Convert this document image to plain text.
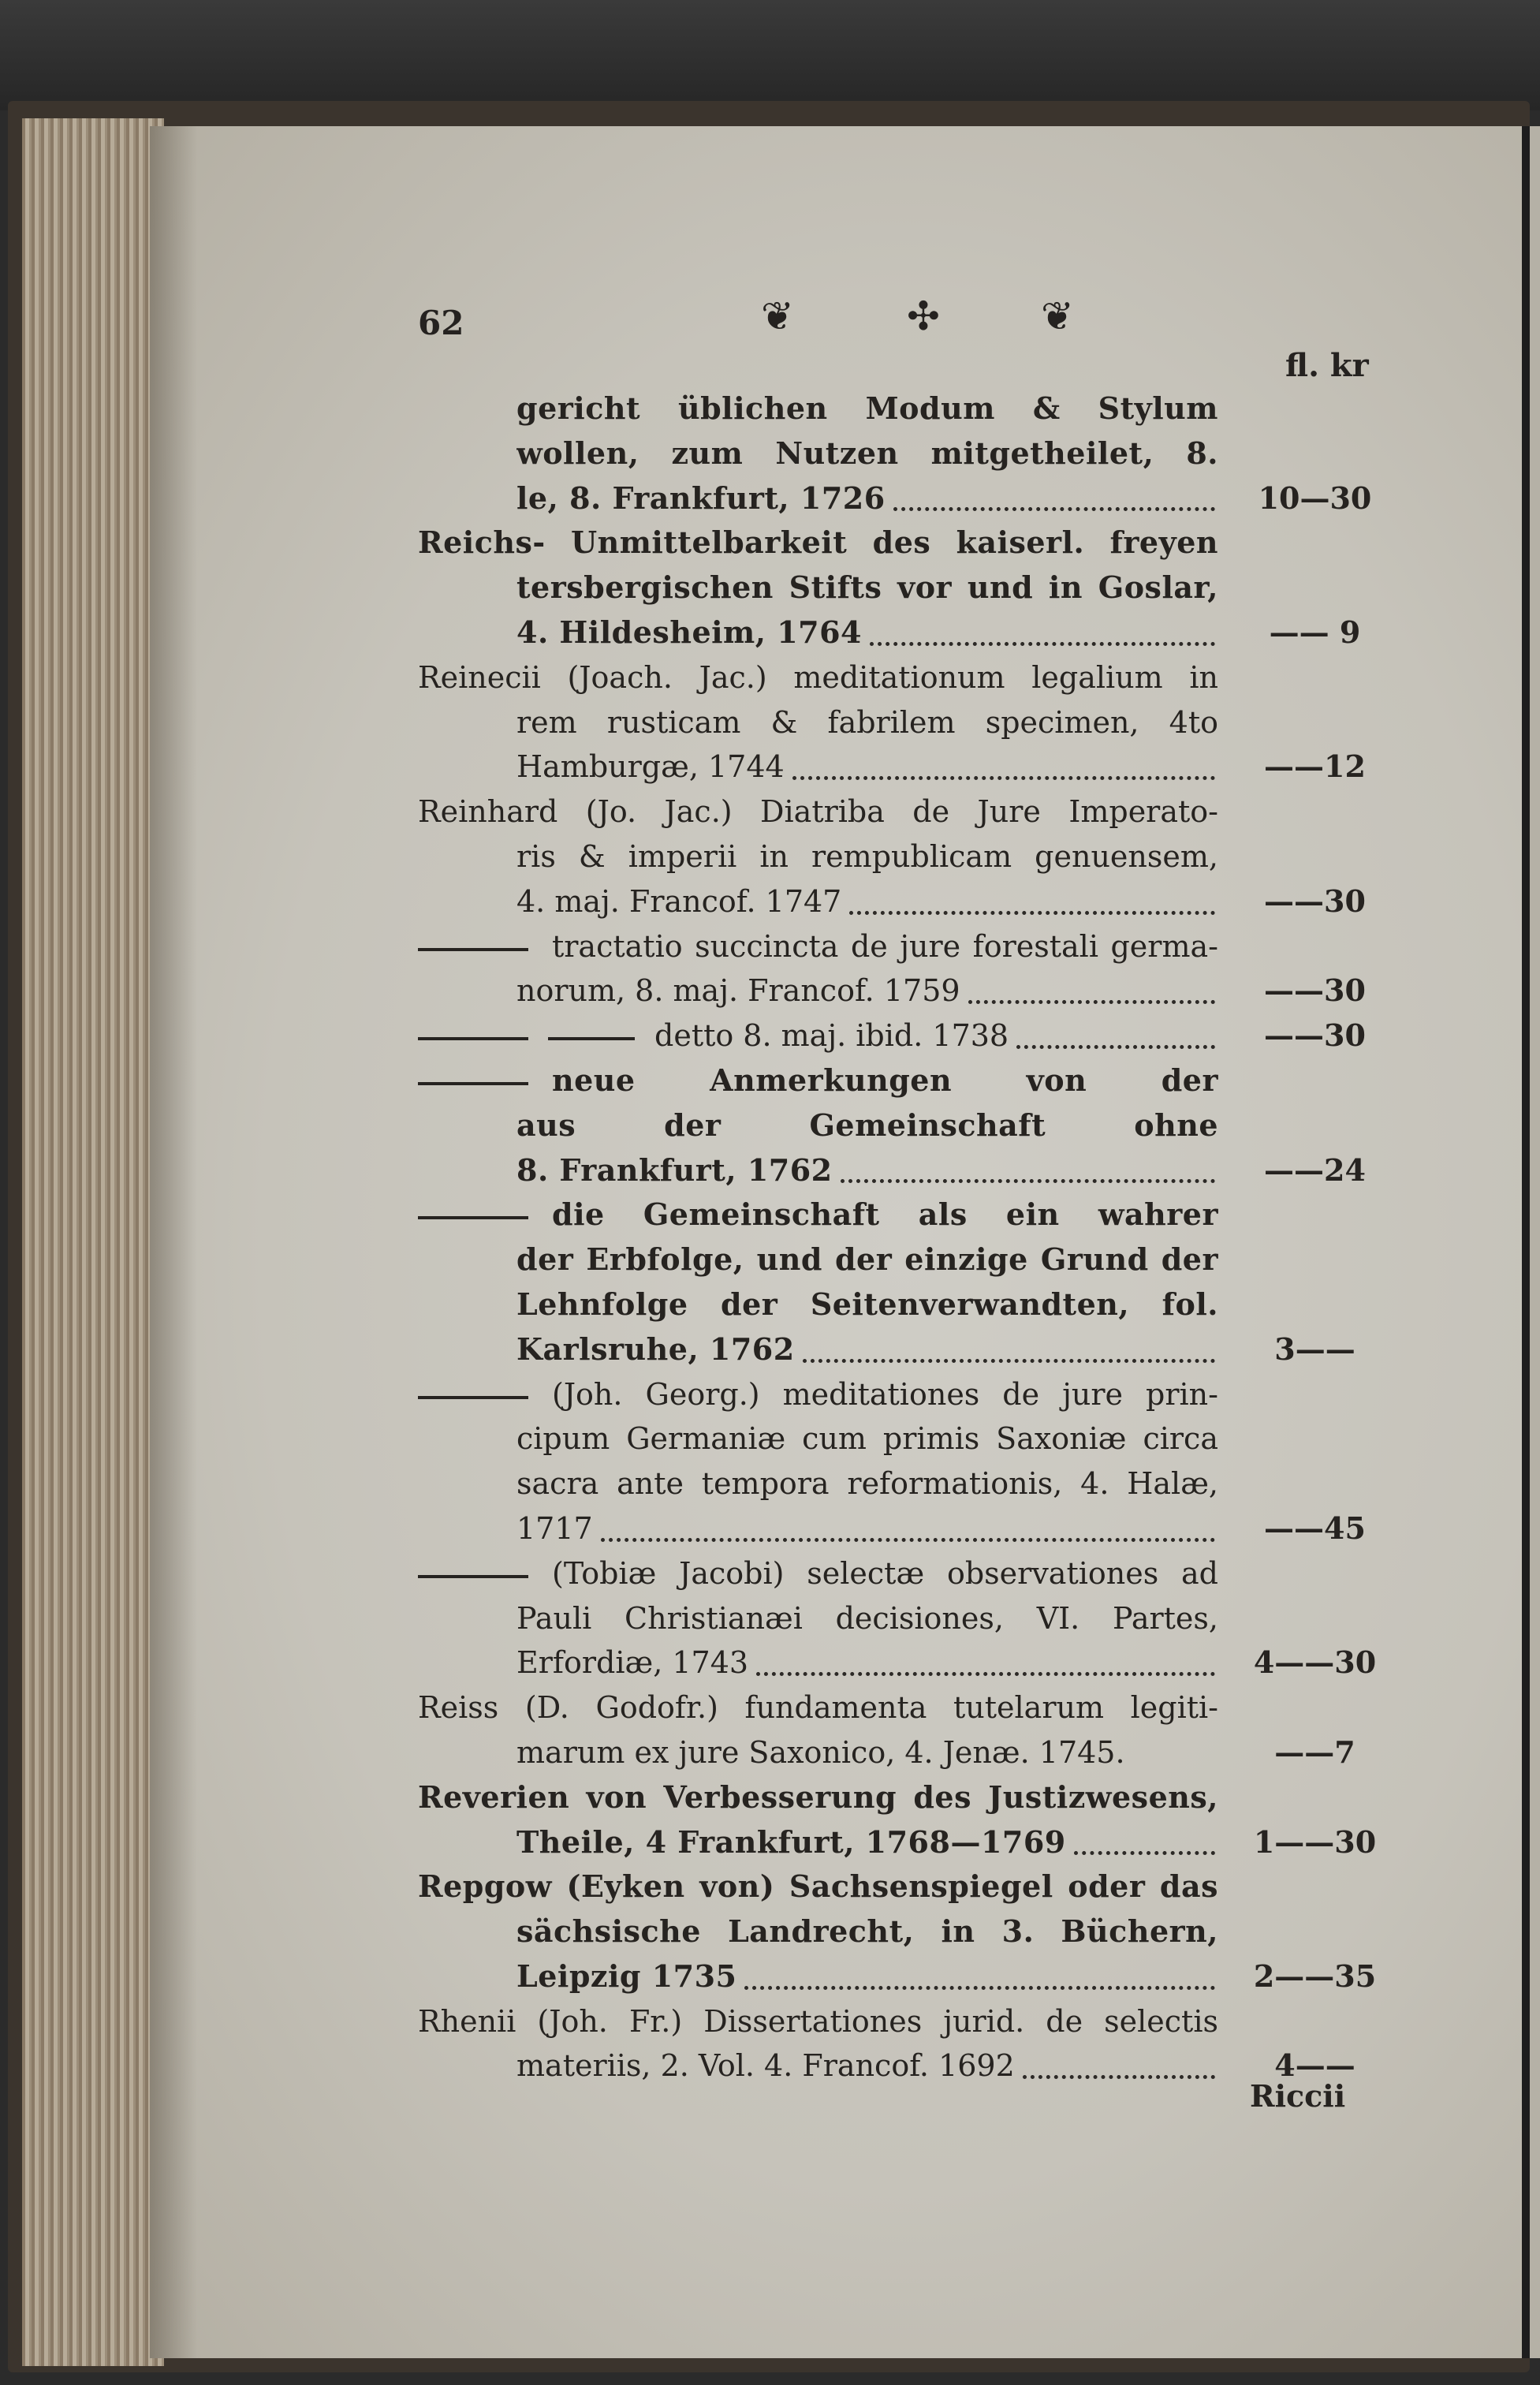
62	❦	✣	❦
fl. kr
gericht üblichen Modum & Stylum
wollen, zum Nutzen mitgetheilet, 8.
le, 8. Frankfurt, 1726	10—30
Reichs- Unmittelbarkeit des kaiserl. freyen
tersbergischen Stifts vor und in Goslar,
4. Hildesheim, 1764	—— 9
Reinecii (Joach. Jac.) meditationum legalium in
rem rusticam & fabrilem specimen, 4to
Hamburgæ, 1744	——12
Reinhard (Jo. Jac.) Diatriba de Jure Imperato-
ris & imperii in rempublicam genuensem,
4. maj. Francof. 1747	——30
tractatio succincta de jure forestali germa-
norum, 8. maj. Francof. 1759	——30
detto 8. maj. ibid. 1738	——30
neue Anmerkungen von der
aus der Gemeinschaft ohne
8. Frankfurt, 1762	——24
die Gemeinschaft als ein wahrer
der Erbfolge, und der einzige Grund der
Lehnfolge der Seitenverwandten, fol.
Karlsruhe, 1762	3——
(Joh. Georg.) meditationes de jure prin-
cipum Germaniæ cum primis Saxoniæ circa
sacra ante tempora reformationis, 4. Halæ,
1717	——45
(Tobiæ Jacobi) selectæ observationes ad
Pauli Christianæi decisiones, VI. Partes,
Erfordiæ, 1743	4——30
Reiss (D. Godofr.) fundamenta tutelarum legiti-
marum ex jure Saxonico, 4. Jenæ. 1745.	——7
Reverien von Verbesserung des Justizwesens,
Theile, 4 Frankfurt, 1768—1769	1——30
Repgow (Eyken von) Sachsenspiegel oder das
sächsische Landrecht, in 3. Büchern,
Leipzig 1735	2——35
Rhenii (Joh. Fr.) Dissertationes jurid. de selectis
materiis, 2. Vol. 4. Francof. 1692	4——
Riccii
